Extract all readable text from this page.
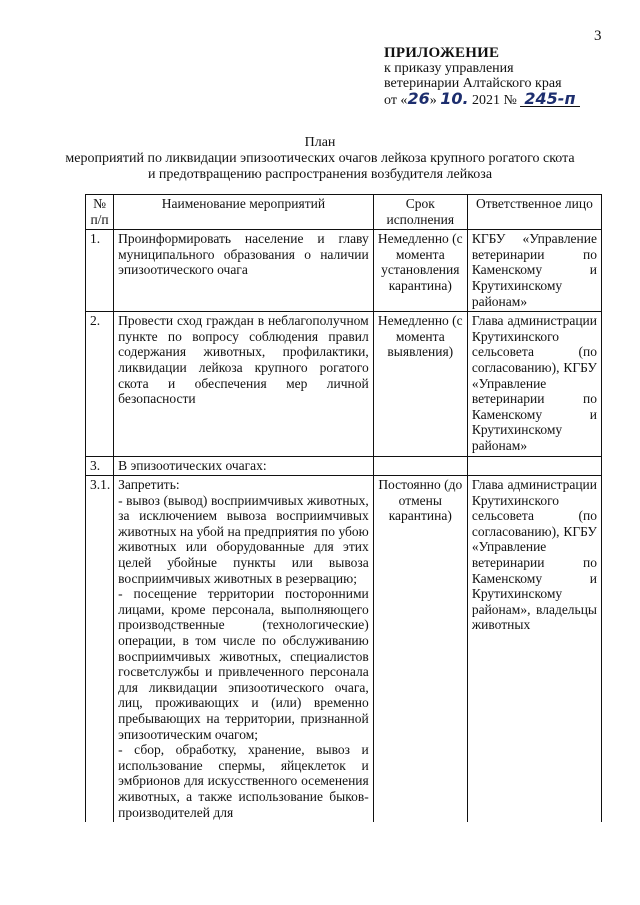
3
ПРИЛОЖЕНИЕ
к приказу управления
ветеринарии Алтайского края
от «26» 10. 2021 № 245-п
План
мероприятий по ликвидации эпизоотических очагов лейкоза крупного рогатого скота
и предотвращению распространения возбудителя лейкоза
№ п/п	Наименование мероприятий	Срок исполнения	Ответственное лицо
1.	Проинформировать население и главу муниципального образования о наличии эпизоотического очага	Немедленно (с момента установления карантина)	КГБУ «Управление ветеринарии по Каменскому и Крутихинскому районам»
2.	Провести сход граждан в неблагополучном пункте по вопросу соблюдения правил содержания животных, профилактики, ликвидации лейкоза крупного рогатого скота и обеспечения мер личной безопасности	Немедленно (с момента выявления)	Глава администрации Крутихинского сельсовета (по согласованию), КГБУ «Управление ветеринарии по Каменскому и Крутихинскому районам»
3.	В эпизоотических очагах:		
3.1.	Запретить:
- вывоз (вывод) восприимчивых животных, за исключением вывоза восприимчивых животных на убой на предприятия по убою животных или оборудованные для этих целей убойные пункты или вывоза восприимчивых животных в резервацию;
- посещение территории посторонними лицами, кроме персонала, выполняющего производственные (технологические) операции, в том числе по обслуживанию восприимчивых животных, специалистов госветслужбы и привлеченного персонала для ликвидации эпизоотического очага, лиц, проживающих и (или) временно пребывающих на территории, признанной эпизоотическим очагом;
- сбор, обработку, хранение, вывоз и использование спермы, яйцеклеток и эмбрионов для искусственного осеменения животных, а также использование быков-производителей для	Постоянно (до отмены карантина)	Глава администрации Крутихинского сельсовета (по согласованию), КГБУ «Управление ветеринарии по Каменскому и Крутихинскому районам», владельцы животных
